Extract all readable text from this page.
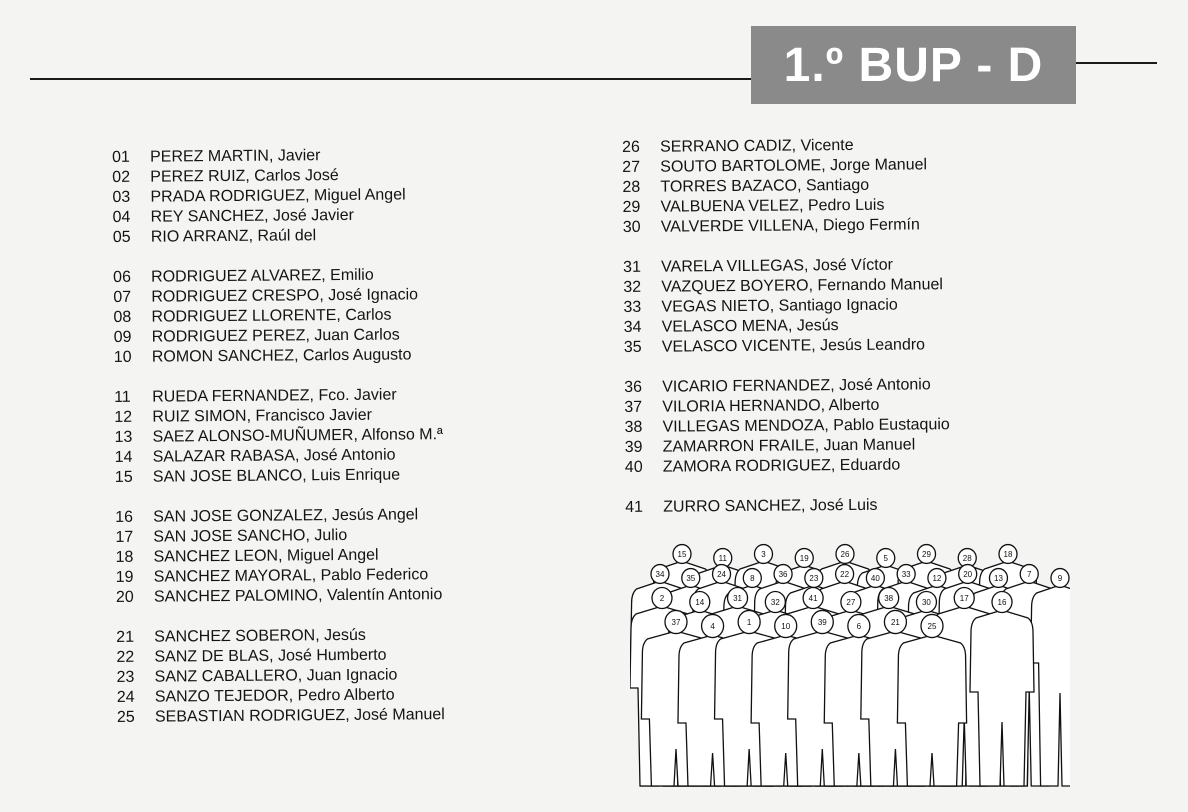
1.º BUP - D
01	PEREZ MARTIN, Javier
02	PEREZ RUIZ, Carlos José
03	PRADA RODRIGUEZ, Miguel Angel
04	REY SANCHEZ, José Javier
05	RIO ARRANZ, Raúl del
06	RODRIGUEZ ALVAREZ, Emilio
07	RODRIGUEZ CRESPO, José Ignacio
08	RODRIGUEZ LLORENTE, Carlos
09	RODRIGUEZ PEREZ, Juan Carlos
10	ROMON SANCHEZ, Carlos Augusto
11	RUEDA FERNANDEZ, Fco. Javier
12	RUIZ SIMON, Francisco Javier
13	SAEZ ALONSO-MUÑUMER, Alfonso M.ª
14	SALAZAR RABASA, José Antonio
15	SAN JOSE BLANCO, Luis Enrique
16	SAN JOSE GONZALEZ, Jesús Angel
17	SAN JOSE SANCHO, Julio
18	SANCHEZ LEON, Miguel Angel
19	SANCHEZ MAYORAL, Pablo Federico
20	SANCHEZ PALOMINO, Valentín Antonio
21	SANCHEZ SOBERON, Jesús
22	SANZ DE BLAS, José Humberto
23	SANZ CABALLERO, Juan Ignacio
24	SANZO TEJEDOR, Pedro Alberto
25	SEBASTIAN RODRIGUEZ, José Manuel
26	SERRANO CADIZ, Vicente
27	SOUTO BARTOLOME, Jorge Manuel
28	TORRES BAZACO, Santiago
29	VALBUENA VELEZ, Pedro Luis
30	VALVERDE VILLENA, Diego Fermín
31	VARELA VILLEGAS, José Víctor
32	VAZQUEZ BOYERO, Fernando Manuel
33	VEGAS NIETO, Santiago Ignacio
34	VELASCO MENA, Jesús
35	VELASCO VICENTE, Jesús Leandro
36	VICARIO FERNANDEZ, José Antonio
37	VILORIA HERNANDO, Alberto
38	VILLEGAS MENDOZA, Pablo Eustaquio
39	ZAMARRON FRAILE, Juan Manuel
40	ZAMORA RODRIGUEZ, Eduardo
41	ZURRO SANCHEZ, José Luis
15	11	3	19	26	5	29	28	18
34	35	24	8	36	23	22	40	33	12	20	13	7	9
2	14	31	32	41	27	38	30	17	16
37	4	1	10	39	6	21	25
